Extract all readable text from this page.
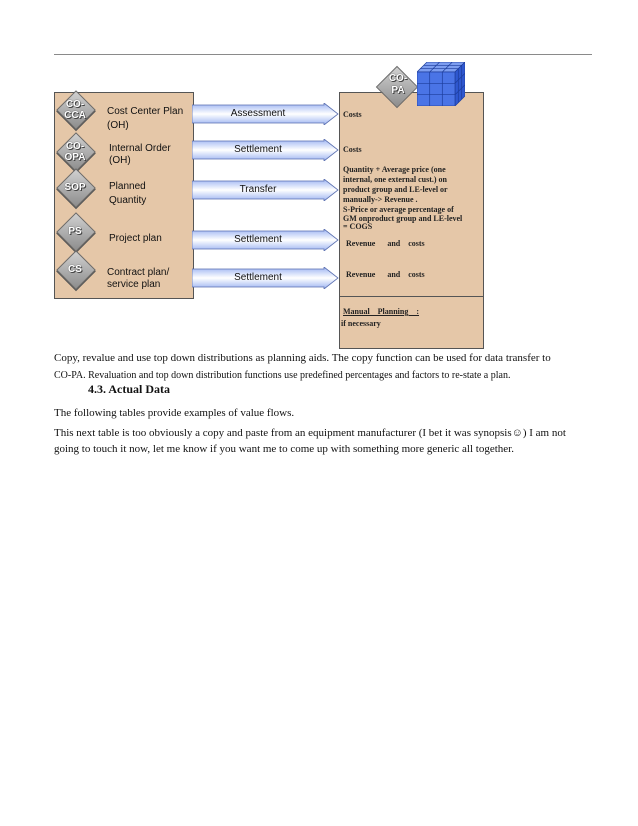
CO-
CCA	Cost Center Plan
(OH)
CO-
OPA
Internal Order
(OH)
SOP	Planned
Quantity
PS
Project plan
CS	Contract plan/
service plan
Assessment
Settlement
Transfer
Settlement
Settlement
CO-
PA
Costs
Costs
Quantity + Average price (one
internal, one external cust.) on
product group and LE-level or
manually-> Revenue .
S-Price or average percentage of
GM onproduct group and LE-level
= COGS
Revenue      and    costs
Revenue      and    costs
Manual    Planning    :
if necessary
Copy, revalue and use top down distributions as planning aids. The copy function can be used for data transfer to
CO-PA. Revaluation and top down distribution functions use predefined percentages and factors to re-state a plan.
4.3. Actual Data
The following tables provide examples of value flows.
This next table is too obviously a copy and paste from an equipment manufacturer (I bet it was synopsis☺) I am not
going to touch it now, let me know if you want me to come up with something more generic all together.
